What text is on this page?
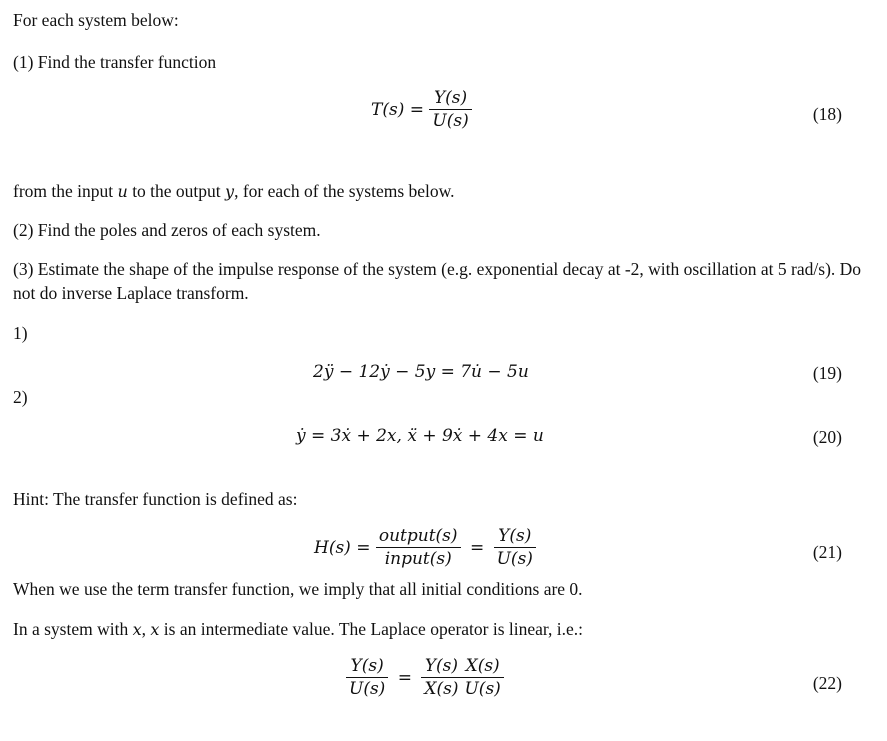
For each system below:
(1) Find the transfer function
$T(s) = \frac{Y(s)}{U(s)}$	(18)
from the input u to the output y, for each of the systems below.
(2) Find the poles and zeros of each system.
(3) Estimate the shape of the impulse response of the system (e.g. exponential decay at -2, with oscillation at 5 rad/s). Do not do inverse Laplace transform.
1)
2ÿ − 12ẏ − 5y = 7u̇ − 5u	(19)
2)
ẏ = 3ẋ + 2x, ẍ + 9ẋ + 4x = u	(20)
Hint: The transfer function is defined as:
$H(s) = \frac{\text{output(s)}}{\text{input(s)}} = \frac{Y(s)}{U(s)}$	(21)
When we use the term transfer function, we imply that all initial conditions are 0.
In a system with x, x is an intermediate value. The Laplace operator is linear, i.e.:
$\frac{Y(s)}{U(s)} = \frac{Y(s)}{X(s)} \frac{X(s)}{U(s)}$	(22)
